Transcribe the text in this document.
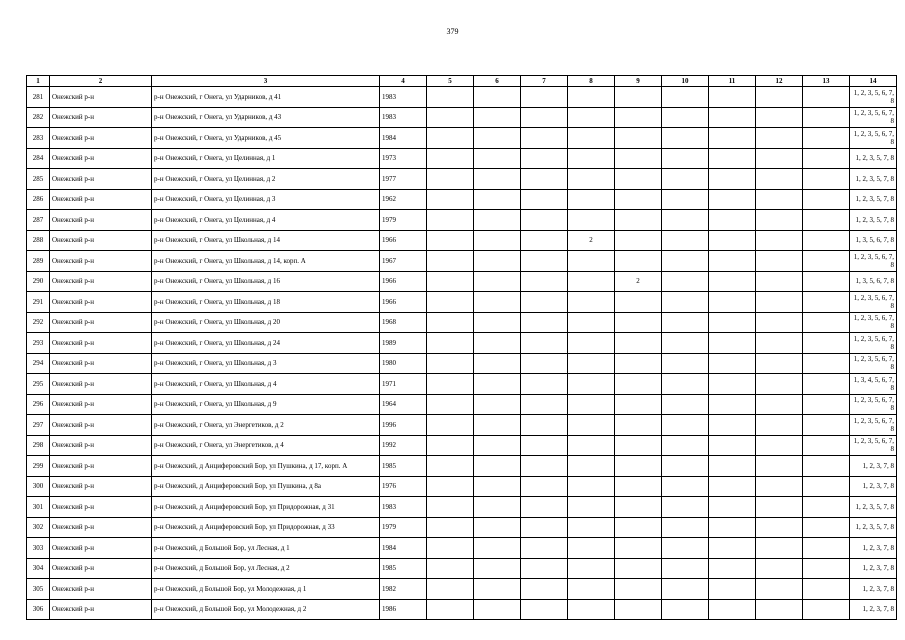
379
1	2	3	4	5	6	7	8	9	10	11	12	13	14
281	Онежский р-н	р-н Онежский, г Онега, ул Ударников, д 41	1983										1, 2, 3, 5, 6, 7, 8
282	Онежский р-н	р-н Онежский, г Онега, ул Ударников, д 43	1983										1, 2, 3, 5, 6, 7, 8
283	Онежский р-н	р-н Онежский, г Онега, ул Ударников, д 45	1984										1, 2, 3, 5, 6, 7, 8
284	Онежский р-н	р-н Онежский, г Онега, ул Целинная, д 1	1973										1, 2, 3, 5, 7, 8
285	Онежский р-н	р-н Онежский, г Онега, ул Целинная, д 2	1977										1, 2, 3, 5, 7, 8
286	Онежский р-н	р-н Онежский, г Онега, ул Целинная, д 3	1962										1, 2, 3, 5, 7, 8
287	Онежский р-н	р-н Онежский, г Онега, ул Целинная, д 4	1979										1, 2, 3, 5, 7, 8
288	Онежский р-н	р-н Онежский, г Онега, ул Школьная, д 14	1966				2						1, 3, 5, 6, 7, 8
289	Онежский р-н	р-н Онежский, г Онега, ул Школьная, д 14, корп. А	1967										1, 2, 3, 5, 6, 7, 8
290	Онежский р-н	р-н Онежский, г Онега, ул Школьная, д 16	1966					2					1, 3, 5, 6, 7, 8
291	Онежский р-н	р-н Онежский, г Онега, ул Школьная, д 18	1966										1, 2, 3, 5, 6, 7, 8
292	Онежский р-н	р-н Онежский, г Онега, ул Школьная, д 20	1968										1, 2, 3, 5, 6, 7, 8
293	Онежский р-н	р-н Онежский, г Онега, ул Школьная, д 24	1989										1, 2, 3, 5, 6, 7, 8
294	Онежский р-н	р-н Онежский, г Онега, ул Школьная, д 3	1980										1, 2, 3, 5, 6, 7, 8
295	Онежский р-н	р-н Онежский, г Онега, ул Школьная, д 4	1971										1, 3, 4, 5, 6, 7, 8
296	Онежский р-н	р-н Онежский, г Онега, ул Школьная, д 9	1964										1, 2, 3, 5, 6, 7, 8
297	Онежский р-н	р-н Онежский, г Онега, ул Энергетиков, д 2	1996										1, 2, 3, 5, 6, 7, 8
298	Онежский р-н	р-н Онежский, г Онега, ул Энергетиков, д 4	1992										1, 2, 3, 5, 6, 7, 8
299	Онежский р-н	р-н Онежский, д Анциферовский Бор, ул Пушкина, д 17, корп. А	1985										1, 2, 3, 7, 8
300	Онежский р-н	р-н Онежский, д Анциферовский Бор, ул Пушкина, д 8а	1976										1, 2, 3, 7, 8
301	Онежский р-н	р-н Онежский, д Анциферовский Бор, ул Придорожная, д 31	1983										1, 2, 3, 5, 7, 8
302	Онежский р-н	р-н Онежский, д Анциферовский Бор, ул Придорожная, д 33	1979										1, 2, 3, 5, 7, 8
303	Онежский р-н	р-н Онежский, д Большой Бор, ул Лесная, д 1	1984										1, 2, 3, 7, 8
304	Онежский р-н	р-н Онежский, д Большой Бор, ул Лесная, д 2	1985										1, 2, 3, 7, 8
305	Онежский р-н	р-н Онежский, д Большой Бор, ул Молодежная, д 1	1982										1, 2, 3, 7, 8
306	Онежский р-н	р-н Онежский, д Большой Бор, ул Молодежная, д 2	1986										1, 2, 3, 7, 8
